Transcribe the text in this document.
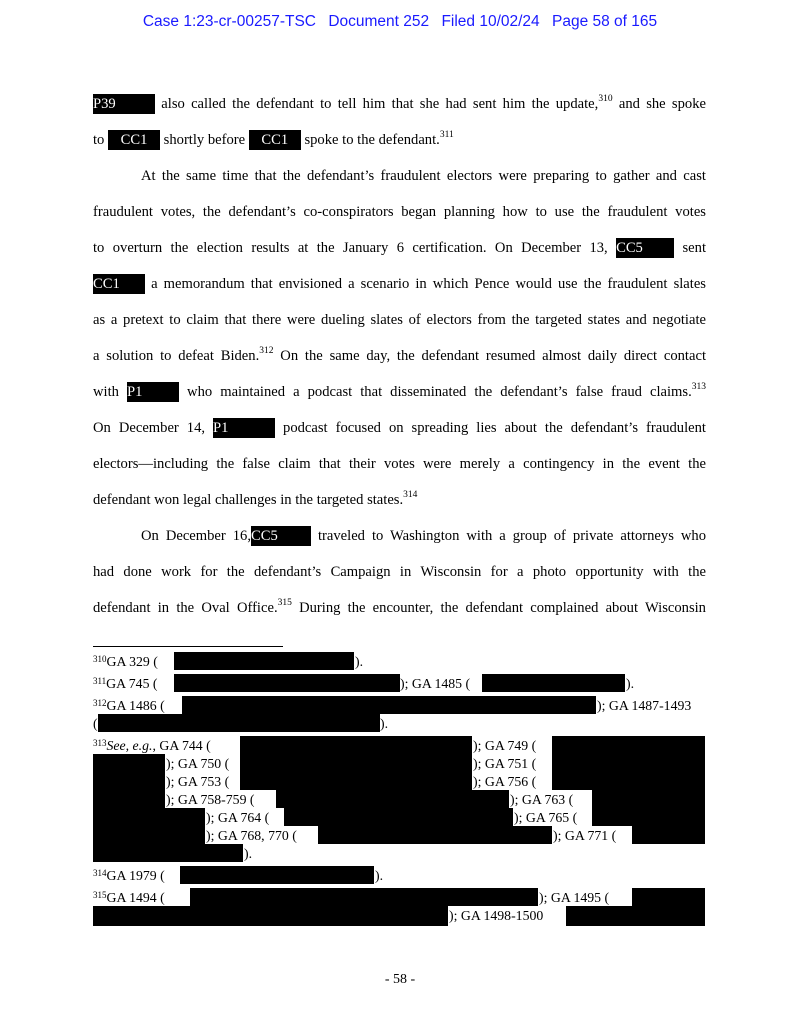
Case 1:23-cr-00257-TSC Document 252 Filed 10/02/24 Page 58 of 165
P39	also called the defendant to tell him that she had sent him the update,$^{310}$ and she spoke
to CC1 shortly before CC1 spoke to the defendant.$^{311}$
At the same time that the defendant’s fraudulent electors were preparing to gather and cast
fraudulent votes, the defendant’s co-conspirators began planning how to use the fraudulent votes
to overturn the election results at the January 6 certification. On December 13, CC5	sent
CC1 a memorandum that envisioned a scenario in which Pence would use the fraudulent slates
as a pretext to claim that there were dueling slates of electors from the targeted states and negotiate
a solution to defeat Biden.$^{312}$ On the same day, the defendant resumed almost daily direct contact
with P1	who maintained a podcast that disseminated the defendant’s false fraud claims.$^{313}$
On December 14, P1	podcast focused on spreading lies about the defendant’s fraudulent
electors—including the false claim that their votes were merely a contingency in the event the
defendant won legal challenges in the targeted states.$^{314}$
On December 16,CC5	traveled to Washington with a group of private attorneys who
had done work for the defendant’s Campaign in Wisconsin for a photo opportunity with the
defendant in the Oval Office.$^{315}$ During the encounter, the defendant complained about Wisconsin
$^{310}$GA 329 (	).
$^{311}$GA 745 (	); GA 1485 (	).
$^{312}$GA 1486 (	); GA 1487-1493
(	).
$^{313}$See, e.g., GA 744 (	); GA 749 (
); GA 750 (	); GA 751 (
); GA 753 (	); GA 756 (
); GA 758-759 (	); GA 763 (
); GA 764 (	); GA 765 (
); GA 768, 770 (	); GA 771 (
).
$^{314}$GA 1979 (	).
$^{315}$GA 1494 (	); GA 1495 (
); GA 1498-1500
- 58 -
